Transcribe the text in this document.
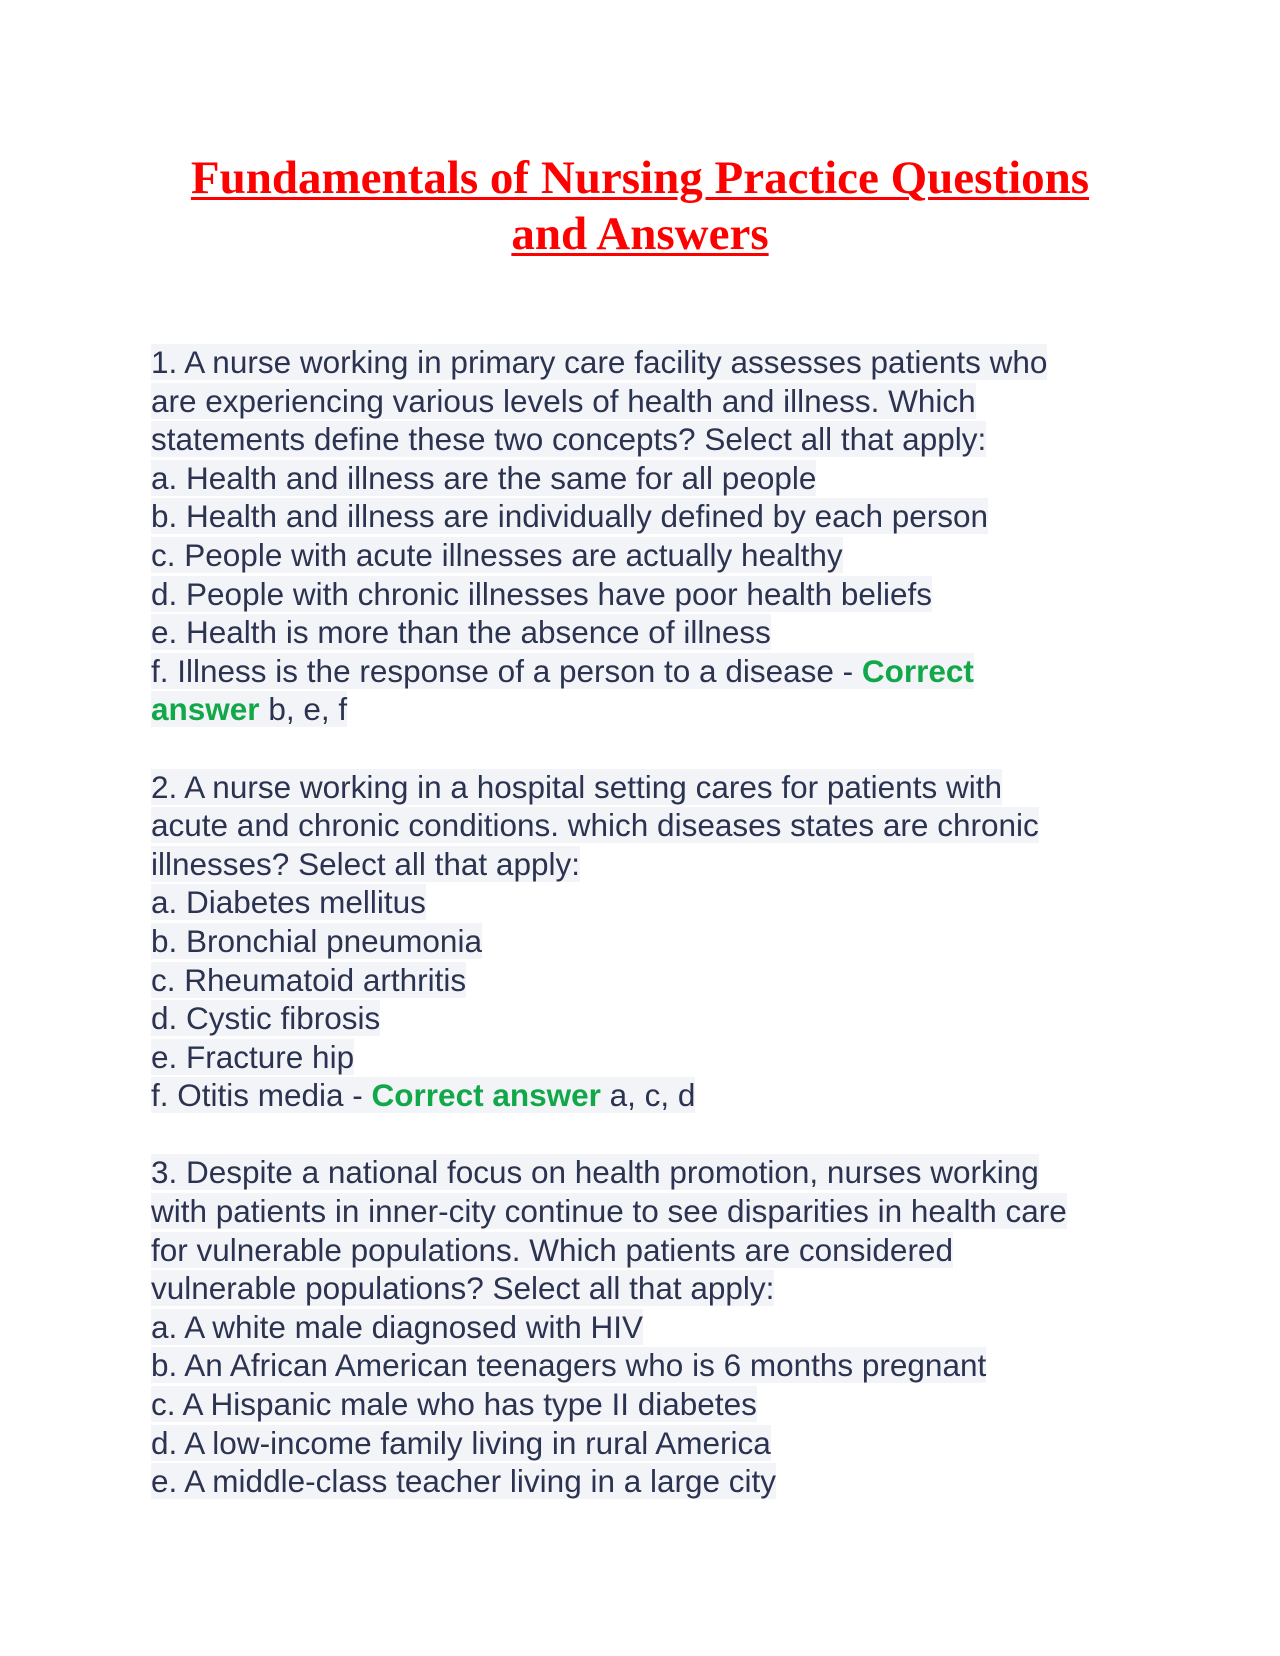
Fundamentals of Nursing Practice Questions
and Answers
1. A nurse working in primary care facility assesses patients who
are experiencing various levels of health and illness. Which
statements define these two concepts? Select all that apply:
a. Health and illness are the same for all people
b. Health and illness are individually defined by each person
c. People with acute illnesses are actually healthy
d. People with chronic illnesses have poor health beliefs
e. Health is more than the absence of illness
f. Illness is the response of a person to a disease - Correct
answer b, e, f
2. A nurse working in a hospital setting cares for patients with
acute and chronic conditions. which diseases states are chronic
illnesses? Select all that apply:
a. Diabetes mellitus
b. Bronchial pneumonia
c. Rheumatoid arthritis
d. Cystic fibrosis
e. Fracture hip
f. Otitis media - Correct answer a, c, d
3. Despite a national focus on health promotion, nurses working
with patients in inner-city continue to see disparities in health care
for vulnerable populations. Which patients are considered
vulnerable populations? Select all that apply:
a. A white male diagnosed with HIV
b. An African American teenagers who is 6 months pregnant
c. A Hispanic male who has type II diabetes
d. A low-income family living in rural America
e. A middle-class teacher living in a large city
